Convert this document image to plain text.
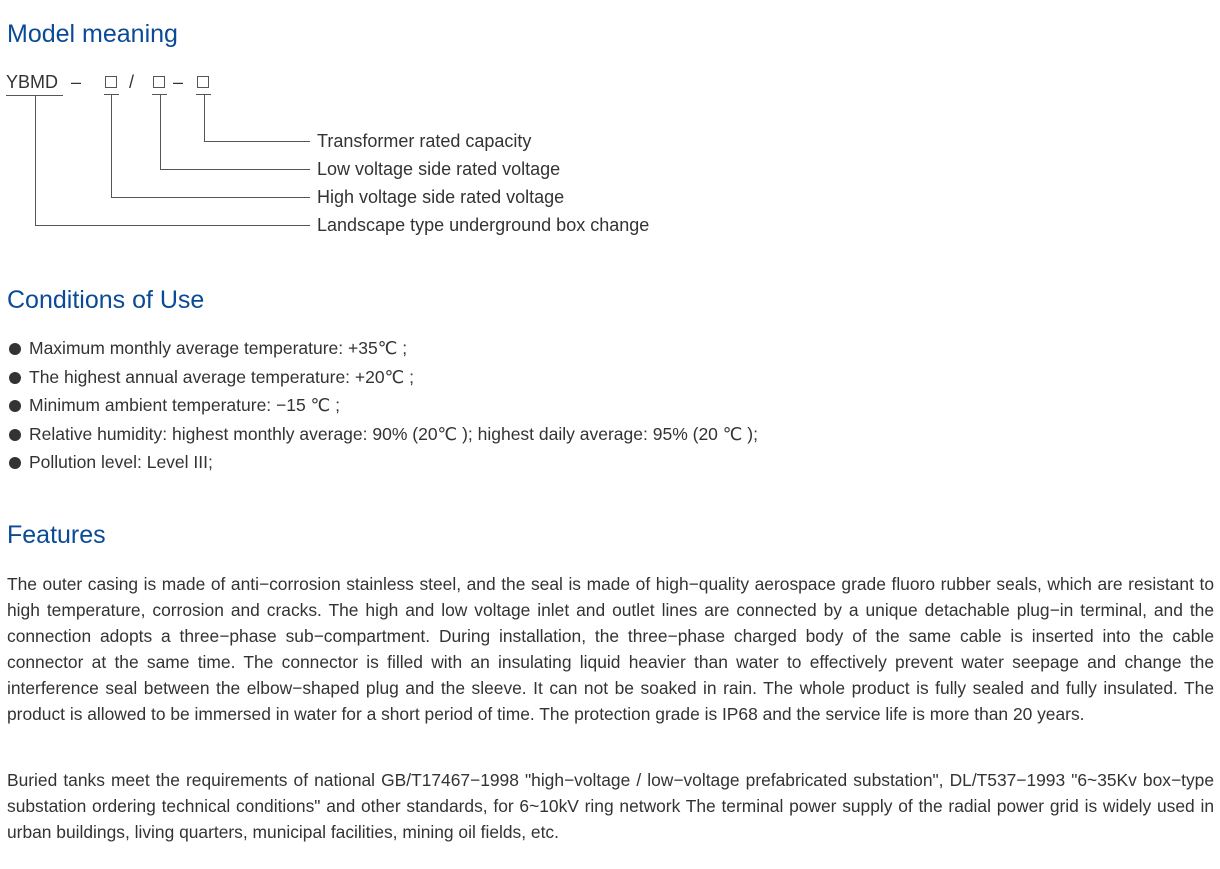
Model meaning
YBMD –	/ –
Transformer rated capacity
Low voltage side rated voltage
High voltage side rated voltage
Landscape type underground box change
Conditions of Use
Maximum monthly average temperature: +35℃ ;
The highest annual average temperature: +20℃ ;
Minimum ambient temperature: −15 ℃ ;
Relative humidity: highest monthly average: 90% (20℃ ); highest daily average: 95% (20 ℃ );
Pollution level: Level III;
Features

The outer casing is made of anti−corrosion stainless steel, and the seal is made of high−quality aerospace grade fluoro rubber seals, which are resistant to high temperature, corrosion and cracks. The high and low voltage inlet and outlet lines are connected by a unique detachable plug−in terminal, and the connection adopts a three−phase sub−compartment. During installation, the three−phase charged body of the same cable is inserted into the cable connector at the same time. The connector is filled with an insulating liquid heavier than water to effectively prevent water seepage and change the interference seal between the elbow−shaped plug and the sleeve. It can not be soaked in rain. The whole product is fully sealed and fully insulated. The product is allowed to be immersed in water for a short period of time. The protection grade is IP68 and the service life is more than 20 years.

Buried tanks meet the requirements of national GB/T17467−1998 "high−voltage / low−voltage prefabricated substation", DL/T537−1993 "6~35Kv box−type substation ordering technical conditions" and other standards, for 6~10kV ring network The terminal power supply of the radial power grid is widely used in urban buildings, living quarters, municipal facilities, mining oil fields, etc.
